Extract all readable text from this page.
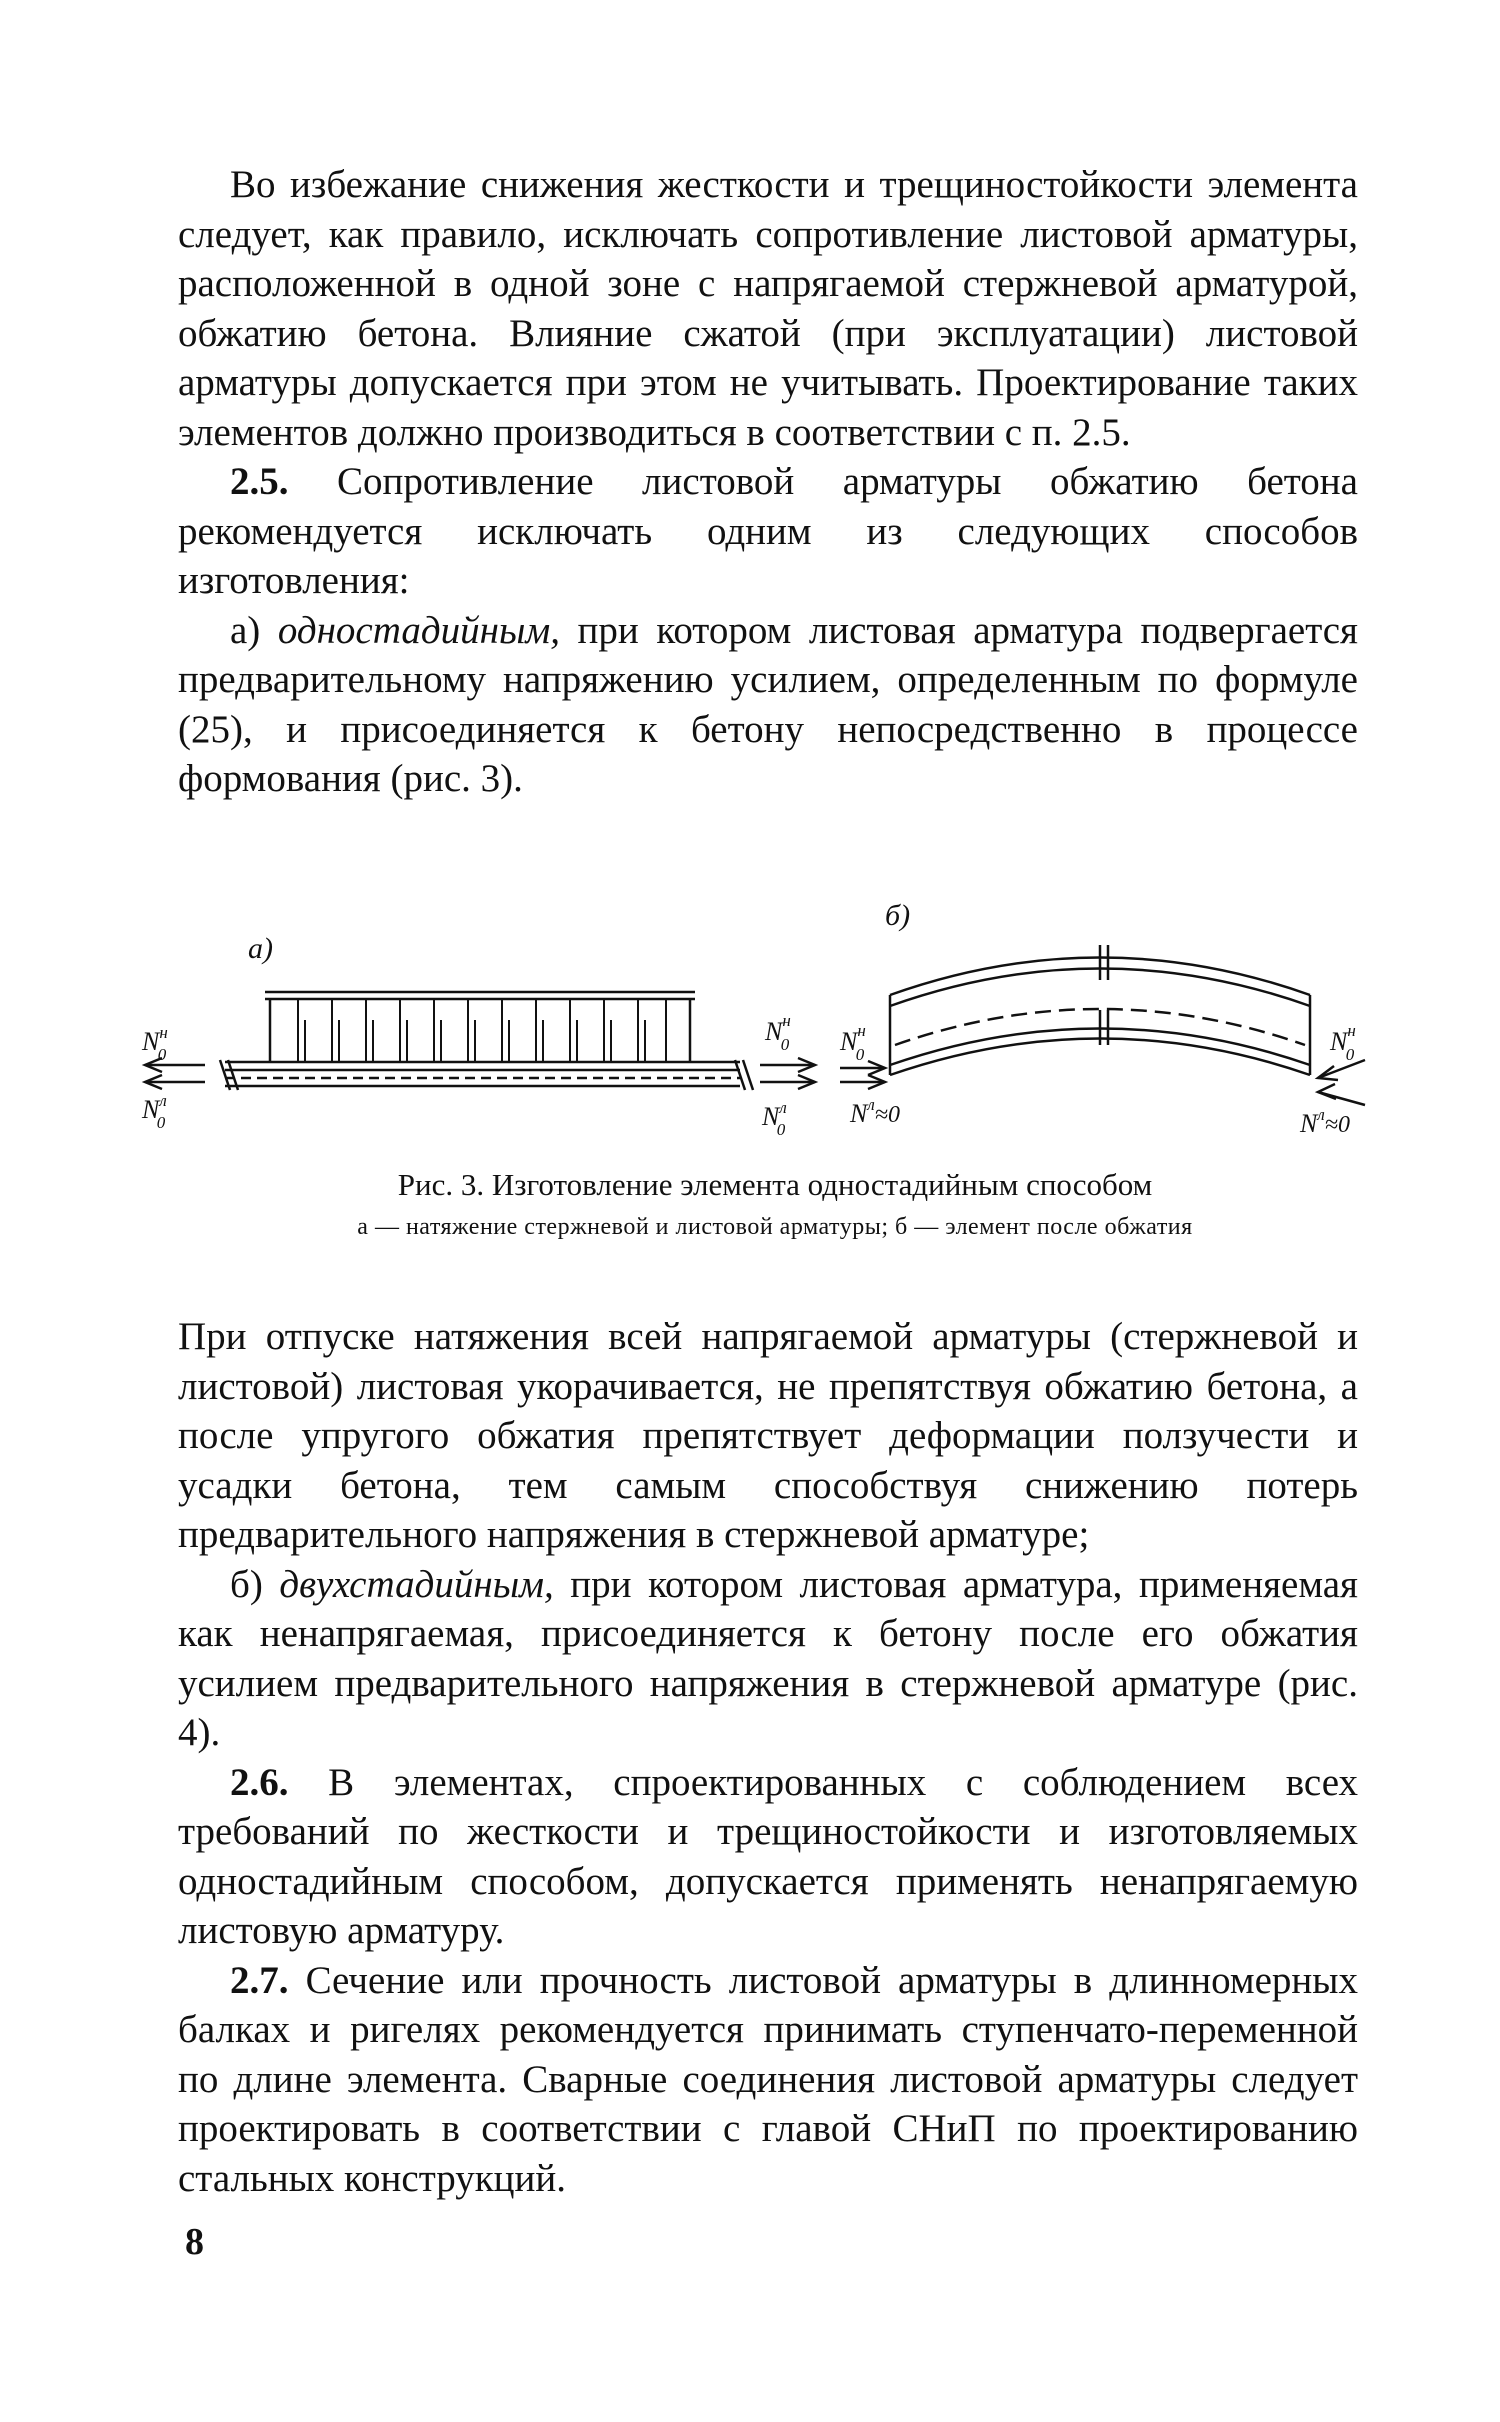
Во избежание снижения жесткости и трещиностойкости элемента следует, как правило, исключать сопротивление листовой арматуры, расположенной в одной зоне с напрягаемой стержневой арматурой, обжатию бетона. Влияние сжатой (при эксплуатации) листовой арматуры допускается при этом не учитывать. Проектирование таких элементов должно производиться в соответствии с п. 2.5.

2.5. Сопротивление листовой арматуры обжатию бетона рекомендуется исключать одним из следующих способов изготовления:

а) одностадийным, при котором листовая арматура подвергается предварительному напряжению усилием, определенным по формуле (25), и присоединяется к бетону непосредственно в процессе формования (рис. 3).

а)
$N^н$ 0
$N^л$ 0
$N^н$ 0
$N^л$ 0
б)
$N^н$ 0
$N^л\approx 0$
$N^н$ 0
$N^л\approx 0$
Рис. 3. Изготовление элемента одностадийным способом
а — натяжение стержневой и листовой арматуры; б — элемент после обжатия

При отпуске натяжения всей напрягаемой арматуры (стержневой и листовой) листовая укорачивается, не препятствуя обжатию бетона, а после упругого обжатия препятствует деформации ползучести и усадки бетона, тем самым способствуя снижению потерь предварительного напряжения в стержневой арматуре;

б) двухстадийным, при котором листовая арматура, применяемая как ненапрягаемая, присоединяется к бетону после его обжатия усилием предварительного напряжения в стержневой арматуре (рис. 4).

2.6. В элементах, спроектированных с соблюдением всех требований по жесткости и трещиностойкости и изготовляемых одностадийным способом, допускается применять ненапрягаемую листовую арматуру.

2.7. Сечение или прочность листовой арматуры в длинномерных балках и ригелях рекомендуется принимать ступенчато-переменной по длине элемента. Сварные соединения листовой арматуры следует проектировать в соответствии с главой СНиП по проектированию стальных конструкций.

8
